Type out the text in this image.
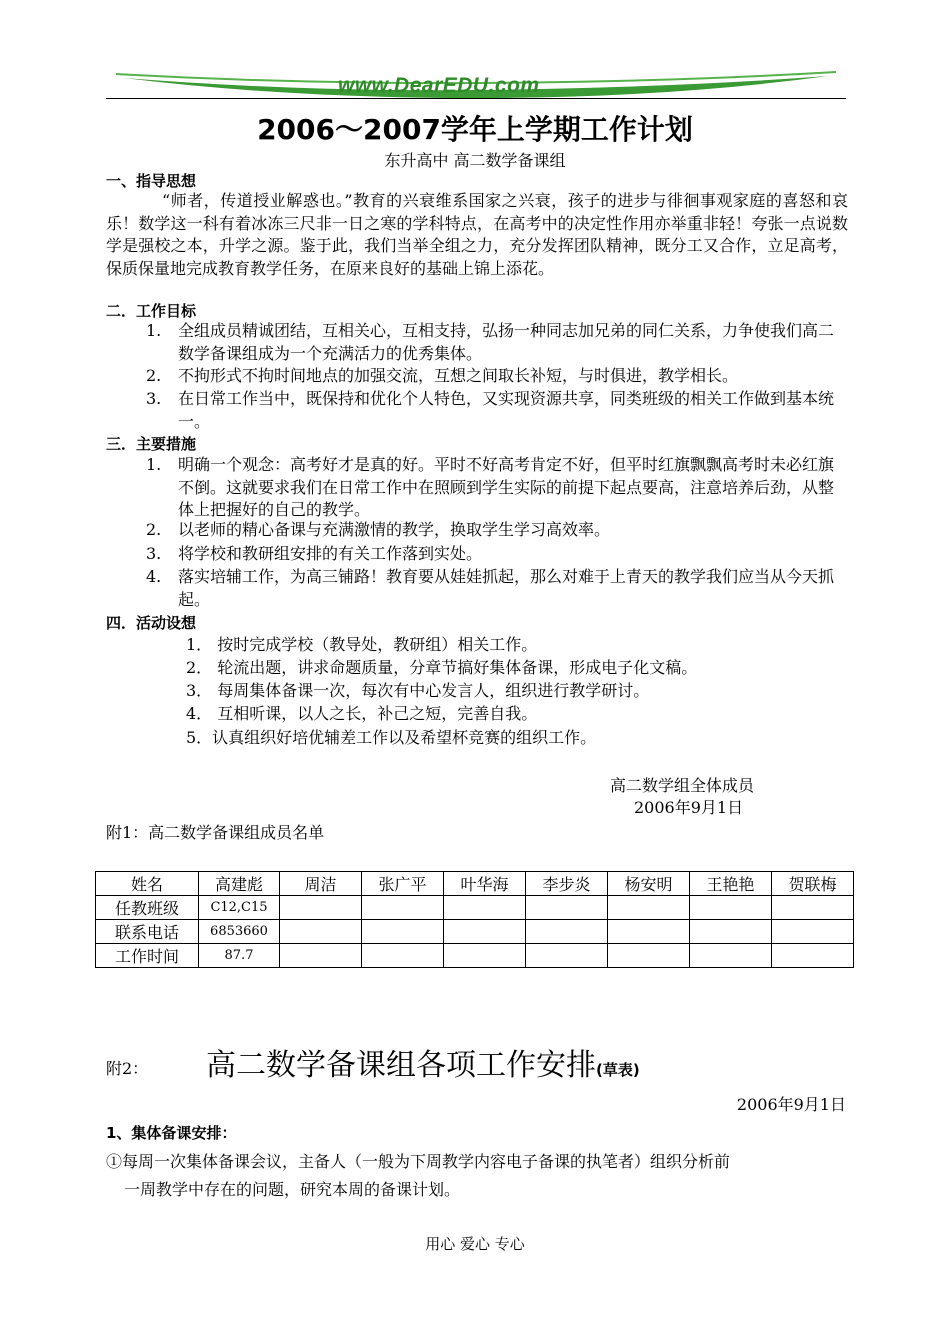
www.DearEDU.com
2006～2007学年上学期工作计划
东升高中 高二数学备课组
一、指导思想
“师者，传道授业解惑也。”教育的兴衰维系国家之兴衰，孩子的进步与徘徊事观家庭的喜怒和哀乐！数学这一科有着冰冻三尺非一日之寒的学科特点，在高考中的决定性作用亦举重非轻！夸张一点说数学是强校之本，升学之源。鉴于此，我们当举全组之力，充分发挥团队精神，既分工又合作，立足高考，保质保量地完成教育教学任务，在原来良好的基础上锦上添花。
二．工作目标
1. 全组成员精诚团结，互相关心，互相支持，弘扬一种同志加兄弟的同仁关系，力争使我们高二数学备课组成为一个充满活力的优秀集体。
2. 不拘形式不拘时间地点的加强交流，互想之间取长补短，与时俱进，教学相长。
3. 在日常工作当中，既保持和优化个人特色，又实现资源共享，同类班级的相关工作做到基本统一。
三．主要措施
1. 明确一个观念：高考好才是真的好。平时不好高考肯定不好，但平时红旗飘飘高考时未必红旗不倒。这就要求我们在日常工作中在照顾到学生实际的前提下起点要高，注意培养后劲，从整体上把握好的自己的教学。
2. 以老师的精心备课与充满激情的教学，换取学生学习高效率。
3. 将学校和教研组安排的有关工作落到实处。
4. 落实培辅工作，为高三铺路！教育要从娃娃抓起，那么对难于上青天的教学我们应当从今天抓起。
四．活动设想
1． 按时完成学校（教导处，教研组）相关工作。
2． 轮流出题，讲求命题质量，分章节搞好集体备课，形成电子化文稿。
3． 每周集体备课一次，每次有中心发言人，组织进行教学研讨。
4． 互相听课，以人之长，补己之短，完善自我。
5．认真组织好培优辅差工作以及希望杯竞赛的组织工作。
高二数学组全体成员
2006年9月1日
附1：高二数学备课组成员名单
姓名	高建彪	周洁	张广平	叶华海	李步炎	杨安明	王艳艳	贺联梅
任教班级	C12,C15							
联系电话	6853660							
工作时间	87.7							
附2： 高二数学备课组各项工作安排(草表)
2006年9月1日
1、集体备课安排：
①每周一次集体备课会议，主备人（一般为下周教学内容电子备课的执笔者）组织分析前
一周教学中存在的问题，研究本周的备课计划。
用心 爱心 专心
